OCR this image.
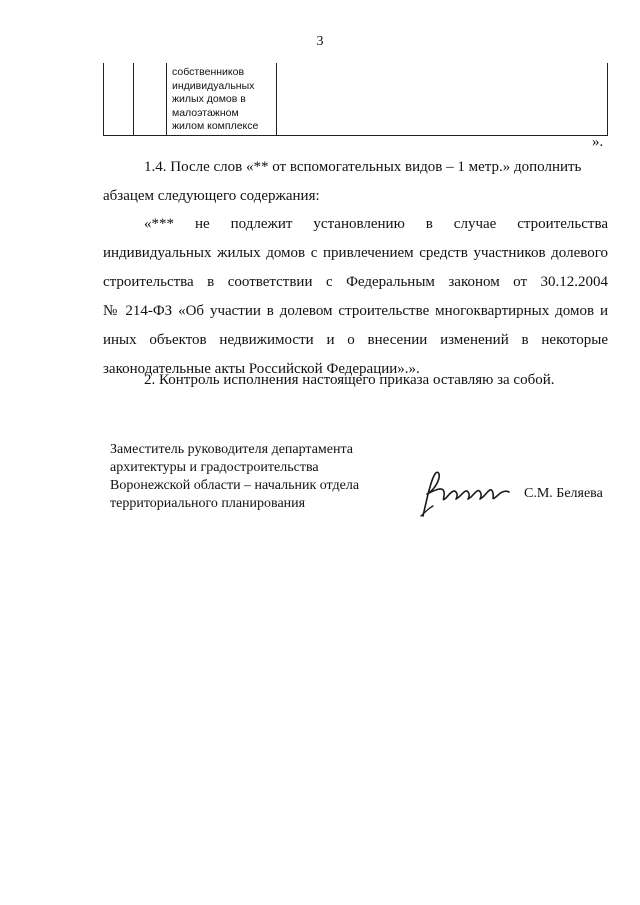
3
собственников
индивидуальных
жилых домов в
малоэтажном
жилом комплексе
».
1.4. После слов «** от вспомогательных видов – 1 метр.» дополнить
абзацем следующего содержания:
«*** не подлежит установлению в случае строительства
индивидуальных жилых домов с привлечением средств участников долевого
строительства в соответствии с Федеральным законом от 30.12.2004
№ 214-ФЗ «Об участии в долевом строительстве многоквартирных домов и
иных объектов недвижимости и о внесении изменений в некоторые
законодательные акты Российской Федерации».».
2. Контроль исполнения настоящего приказа оставляю за собой.
Заместитель руководителя департамента
архитектуры и градостроительства
Воронежской области – начальник отдела
территориального планирования
С.М. Беляева
